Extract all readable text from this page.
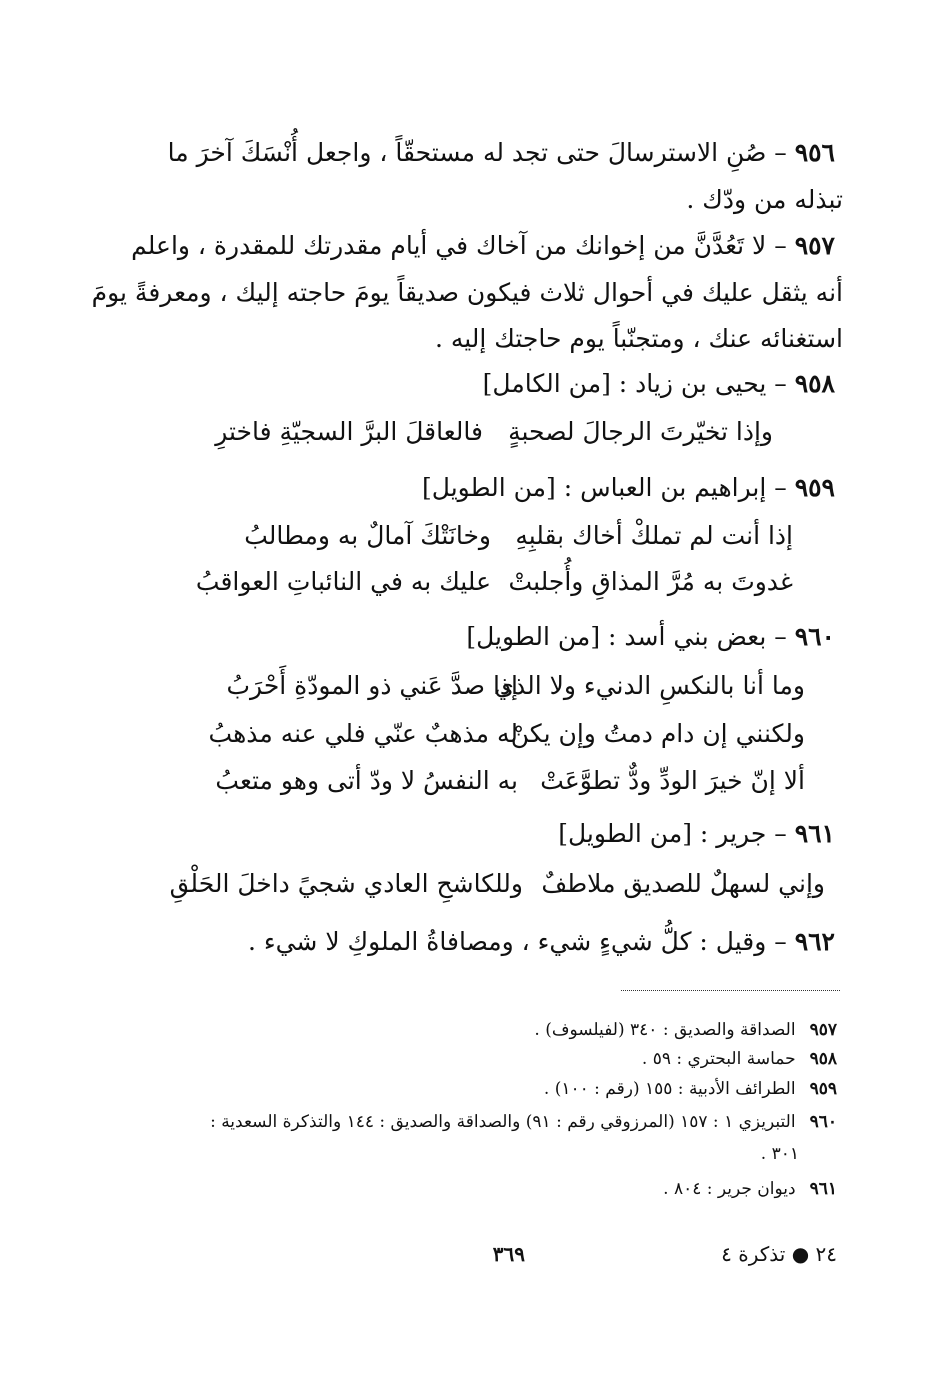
٩٥٦ – صُنِ الاسترسالَ حتى تجد له مستحقّاً ، واجعل أُنْسَكَ آخرَ ما
تبذله من ودّك .
٩٥٧ – لا تَعُدَّنَّ من إخوانك من آخاك في أيام مقدرتك للمقدرة ، واعلم
أنه يثقل عليك في أحوال ثلاث فيكون صديقاً يومَ حاجته إليك ، ومعرفةً يومَ
استغنائه عنك ، ومتجنّباً يوم حاجتك إليه .
٩٥٨ – يحيى بن زياد : [من الكامل]
وإذا تخيّرتَ الرجالَ لصحبةٍ
فالعاقلَ البرَّ السجيّةِ فاخترِ
٩٥٩ – إبراهيم بن العباس : [من الطويل]
إذا أنت لم تملكْ أخاك بقلبِهِ
وخانَتْكَ آمالٌ به ومطالبُ
غدوتَ به مُرَّ المذاقِ وأُجلبتْ
عليك به في النائباتِ العواقبُ
٩٦٠ – بعض بني أسد : [من الطويل]
وما أنا بالنكسِ الدنيء ولا الذي
إذا صدَّ عَني ذو المودّةِ أَحْرَبُ
ولكنني إن دام دمتُ وإن يكنْ
له مذهبٌ عنّي فلي عنه مذهبُ
ألا إنّ خيرَ الودِّ ودٌّ تطوَّعَتْ
به النفسُ لا ودّ أتى وهو متعبُ
٩٦١ – جرير : [من الطويل]
وإني لسهلٌ للصديق ملاطفٌ
وللكاشحِ العادي شجيً داخلَ الحَلْقِ
٩٦٢ – وقيل : كلُّ شيءٍ شيء ، ومصافاةُ الملوكِ لا شيء .
٩٥٧ الصداقة والصديق : ٣٤٠ (لفيلسوف) .
٩٥٨ حماسة البحتري : ٥٩ .
٩٥٩ الطرائف الأدبية : ١٥٥ (رقم : ١٠٠) .
٩٦٠ التبريزي ١ : ١٥٧ (المرزوقي رقم : ٩١) والصداقة والصديق : ١٤٤ والتذكرة السعدية :
٣٠١ .
٩٦١ ديوان جرير : ٨٠٤ .
٢٤ ● تذكرة ٤
٣٦٩
